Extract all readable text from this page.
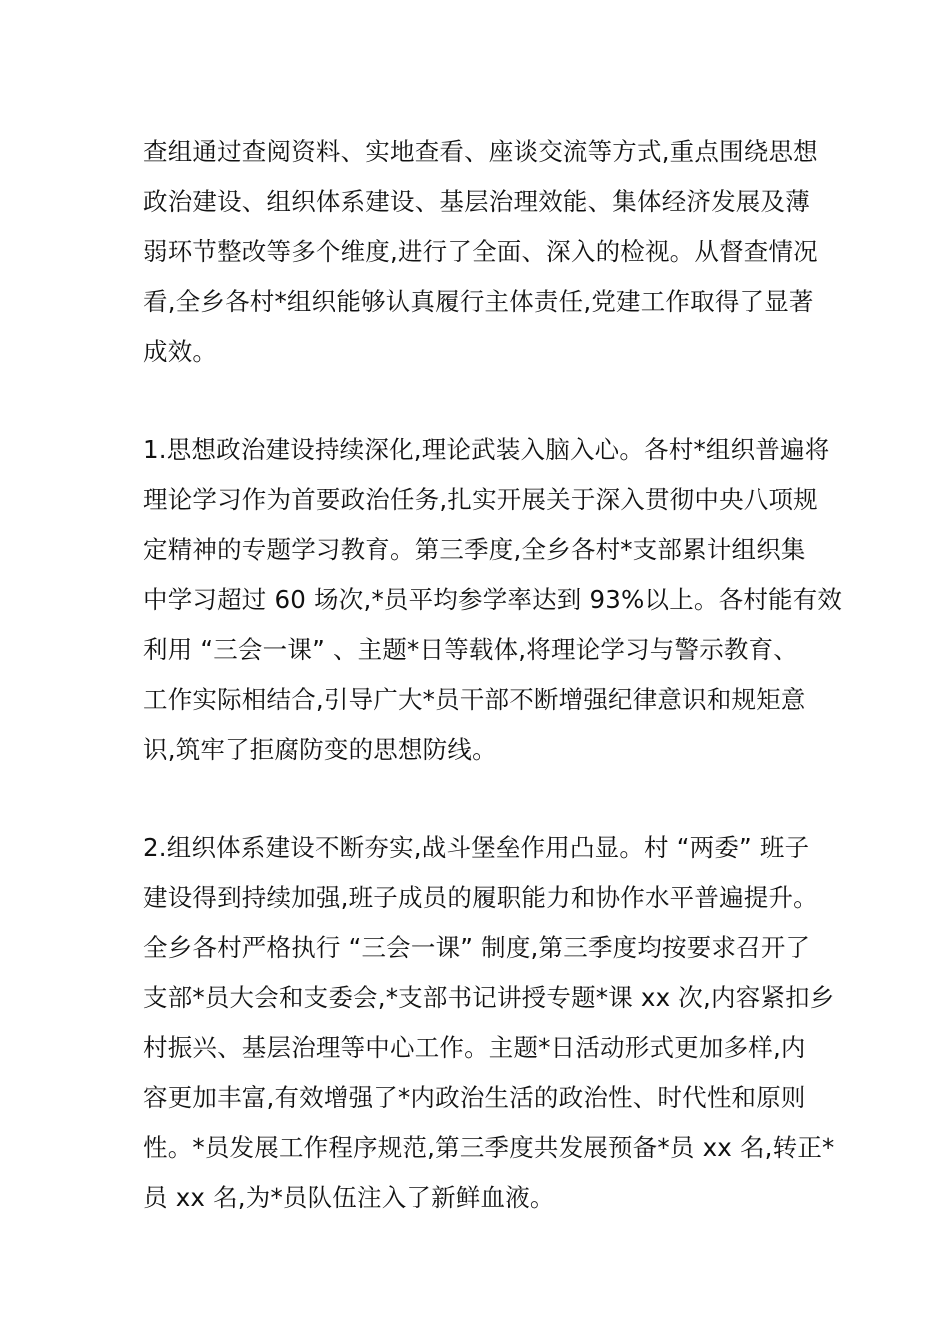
查组通过查阅资料、实地查看、座谈交流等方式,重点围绕思想
政治建设、组织体系建设、基层治理效能、集体经济发展及薄
弱环节整改等多个维度,进行了全面、深入的检视。从督查情况
看,全乡各村*组织能够认真履行主体责任,党建工作取得了显著
成效。
1.思想政治建设持续深化,理论武装入脑入心。各村*组织普遍将
理论学习作为首要政治任务,扎实开展关于深入贯彻中央八项规
定精神的专题学习教育。第三季度,全乡各村*支部累计组织集
中学习超过 60 场次,*员平均参学率达到 93%以上。各村能有效
利用 “三会一课” 、主题*日等载体,将理论学习与警示教育、
工作实际相结合,引导广大*员干部不断增强纪律意识和规矩意
识,筑牢了拒腐防变的思想防线。
2.组织体系建设不断夯实,战斗堡垒作用凸显。村 “两委” 班子
建设得到持续加强,班子成员的履职能力和协作水平普遍提升。
全乡各村严格执行 “三会一课” 制度,第三季度均按要求召开了
支部*员大会和支委会,*支部书记讲授专题*课 xx 次,内容紧扣乡
村振兴、基层治理等中心工作。主题*日活动形式更加多样,内
容更加丰富,有效增强了*内政治生活的政治性、时代性和原则
性。*员发展工作程序规范,第三季度共发展预备*员 xx 名,转正*
员 xx 名,为*员队伍注入了新鲜血液。
